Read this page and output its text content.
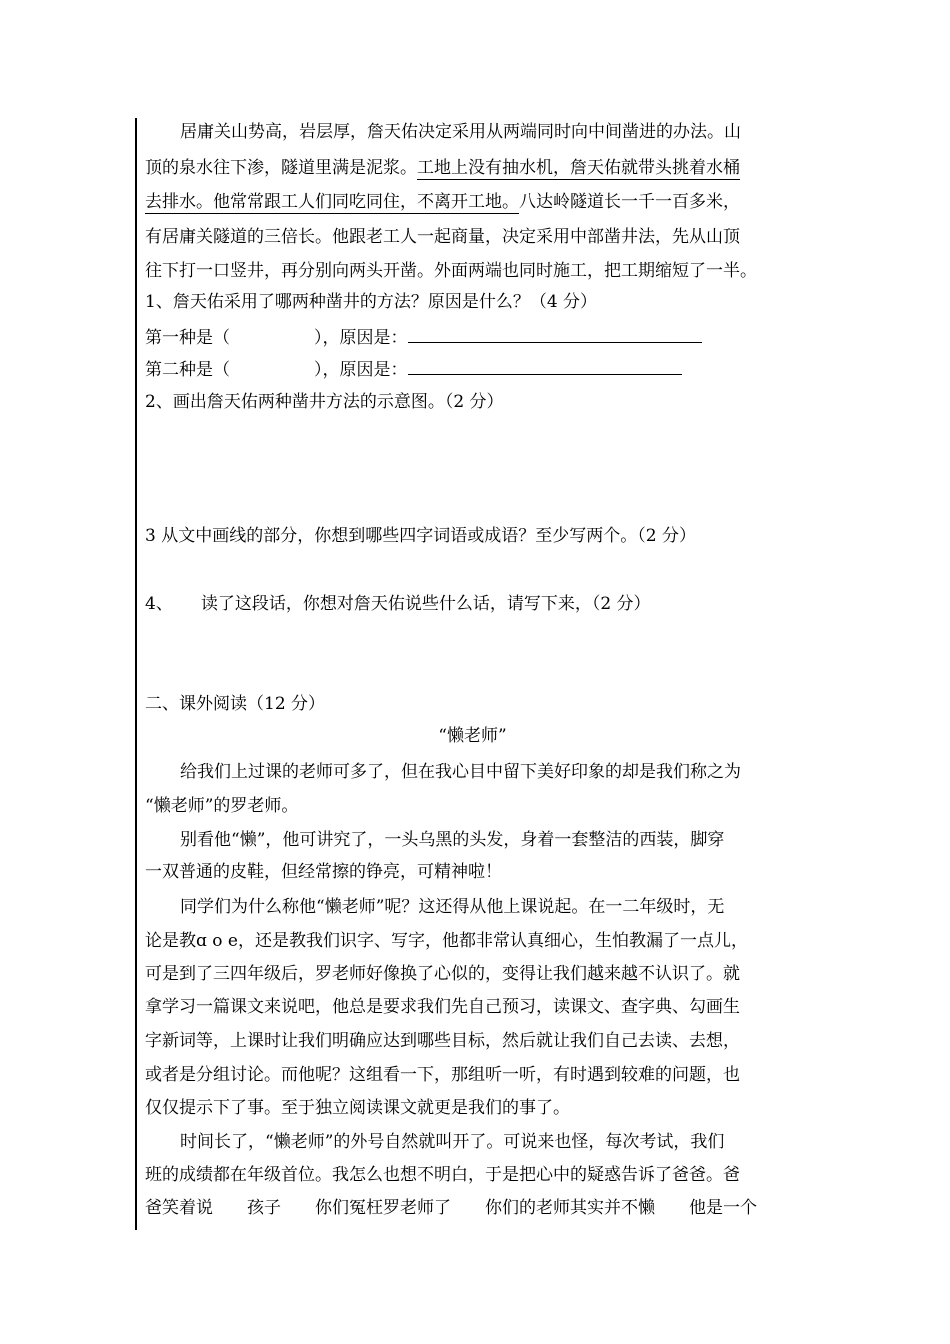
居庸关山势高，岩层厚，詹天佑决定采用从两端同时向中间凿进的办法。山
顶的泉水往下渗，隧道里满是泥浆。工地上没有抽水机，詹天佑就带头挑着水桶
去排水。他常常跟工人们同吃同住，不离开工地。八达岭隧道长一千一百多米，
有居庸关隧道的三倍长。他跟老工人一起商量，决定采用中部凿井法，先从山顶
往下打一口竖井，再分别向两头开凿。外面两端也同时施工，把工期缩短了一半。
1、詹天佑采用了哪两种凿井的方法？原因是什么？（4 分）
第一种是（	），原因是：
第二种是（	），原因是：
2、画出詹天佑两种凿井方法的示意图。（2 分）
3 从文中画线的部分，你想到哪些四字词语或成语？至少写两个。（2 分）
4、 读了这段话，你想对詹天佑说些什么话，请写下来，（2 分）
二、课外阅读（12 分）
“懒老师”
给我们上过课的老师可多了，但在我心目中留下美好印象的却是我们称之为
“懒老师”的罗老师。
别看他“懒”，他可讲究了，一头乌黑的头发，身着一套整洁的西装，脚穿
一双普通的皮鞋，但经常擦的铮亮，可精神啦！
同学们为什么称他“懒老师”呢？这还得从他上课说起。在一二年级时，无
论是教ɑ o e，还是教我们识字、写字，他都非常认真细心，生怕教漏了一点儿，
可是到了三四年级后，罗老师好像换了心似的，变得让我们越来越不认识了。就
拿学习一篇课文来说吧，他总是要求我们先自己预习，读课文、查字典、勾画生
字新词等，上课时让我们明确应达到哪些目标，然后就让我们自己去读、去想，
或者是分组讨论。而他呢？这组看一下，那组听一听，有时遇到较难的问题，也
仅仅提示下了事。至于独立阅读课文就更是我们的事了。
时间长了，“懒老师”的外号自然就叫开了。可说来也怪，每次考试，我们
班的成绩都在年级首位。我怎么也想不明白，于是把心中的疑惑告诉了爸爸。爸
爸笑着说 孩子 你们冤枉罗老师了 你们的老师其实并不懒 他是一个
